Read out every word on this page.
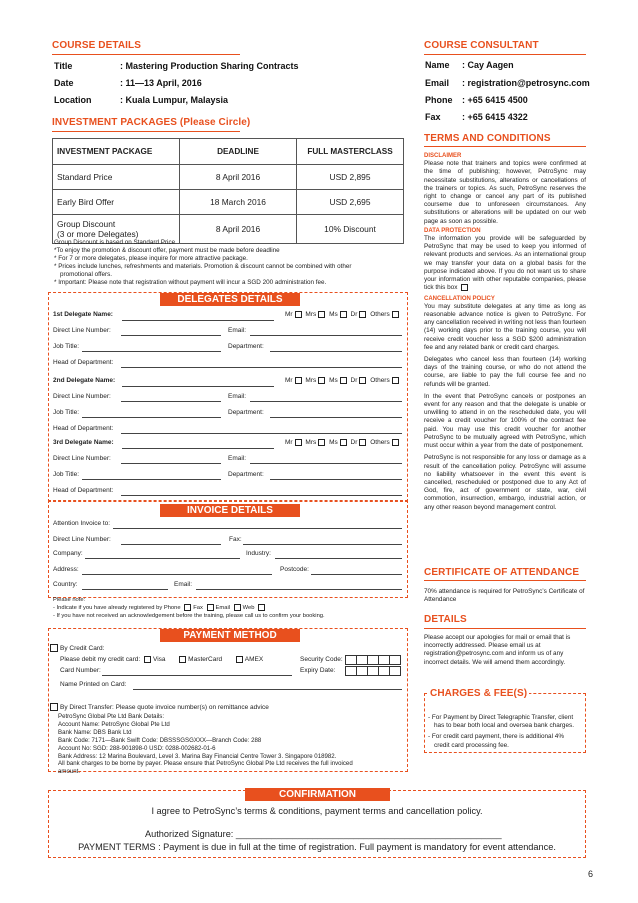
COURSE DETAILS
Title	: Mastering Production Sharing Contracts
Date	: 11—13 April, 2016
Location	: Kuala Lumpur, Malaysia
INVESTMENT PACKAGES (Please Circle)
INVESTMENT PACKAGE	DEADLINE	FULL MASTERCLASS
Standard Price	8 April 2016	USD 2,895
Early Bird Offer	18 March 2016	USD 2,695
Group Discount
(3 or more Delegates)	8 April 2016	10% Discount
Group Discount is based on Standard Price
*To enjoy the promotion & discount offer, payment must be made before deadline
* For 7 or more delegates, please inquire for more attractive package.
* Prices include lunches, refreshments and materials. Promotion & discount cannot be combined with other
promotional offers.
* Important: Please note that registration without payment will incur a SGD 200 administration fee.
DELEGATES DETAILS
1st Delegate Name:	Mr Mrs Ms Dr Others
Direct Line Number:	Email:
Job Title:	Department:
Head of Department:
2nd Delegate Name:	Mr Mrs Ms Dr Others
Direct Line Number:	Email:
Job Title:	Department:
Head of Department:
3rd Delegate Name:	Mr Mrs Ms Dr Others
Direct Line Number:	Email:
Job Title:	Department:
Head of Department:
INVOICE DETAILS
Attention Invoice to:
Direct Line Number:	Fax:
Company:	Industry:
Address:	Postcode:
Country:	Email:
Please note:
- Indicate if you have already registered by Phone Fax Email Web
- If you have not received an acknowledgement before the training, please call us to confirm your booking.
PAYMENT METHOD
By Credit Card:
Please debit my credit card: Visa	MasterCard	AMEX	Security Code:
Card Number:	Expiry Date:
Name Printed on Card:
By Direct Transfer: Please quote invoice number(s) on remittance advice
PetroSync Global Pte Ltd Bank Details:
Account Name: PetroSync Global Pte Ltd
Bank Name: DBS Bank Ltd
Bank Code: 7171—Bank Swift Code: DBSSSGSGXXX—Branch Code: 288
Account No: SGD: 288-901898-0 USD: 0288-002682-01-6
Bank Address: 12 Marina Boulevard, Level 3. Marina Bay Financial Centre Tower 3. Singapore 018982.
All bank charges to be borne by payer. Please ensure that PetroSync Global Pte Ltd receives the full invoiced
amount.
CONFIRMATION
I agree to PetroSync’s terms & conditions, payment terms and cancellation policy.
Authorized Signature: ____________________________________________________
PAYMENT TERMS : Payment is due in full at the time of registration. Full payment is mandatory for event attendance.
6
COURSE CONSULTANT
Name : Cay Aagen
Email : registration@petrosync.com
Phone : +65 6415 4500
Fax : +65 6415 4322
TERMS AND CONDITIONS
DISCLAIMER
Please note that trainers and topics were confirmed at the time of publishing; however, PetroSync may necessitate substitutions, alterations or cancellations of the trainers or topics. As such, PetroSync reserves the right to change or cancel any part of its published courseme due to unforeseen circumstances. Any substitutions or alterations will be updated on our web page as soon as possible.
DATA PROTECTION
The information you provide will be safeguarded by PetroSync that may be used to keep you informed of relevant products and services. As an international group we may transfer your data on a global basis for the purpose indicated above. If you do not want us to share your information with other reputable companies, please tick this box
CANCELLATION POLICY
You may substitute delegates at any time as long as reasonable advance notice is given to PetroSync. For any cancellation received in writing not less than fourteen (14) working days prior to the training course, you will receive credit voucher less a SGD $200 administration fee and any related bank or credit card charges.
Delegates who cancel less than fourteen (14) working days of the training course, or who do not attend the course, are liable to pay the full course fee and no refunds will be granted.
In the event that PetroSync cancels or postpones an event for any reason and that the delegate is unable or unwilling to attend in on the rescheduled date, you will receive a credit voucher for 100% of the contract fee paid. You may use this credit voucher for another PetroSync to be mutually agreed with PetroSync, which must occur within a year from the date of postponement.
PetroSync is not responsible for any loss or damage as a result of the cancellation policy. PetroSync will assume no liability whatsoever in the event this event is cancelled, rescheduled or postponed due to any Act of God, fire, act of government or state, war, civil commotion, insurrection, embargo, industrial action, or any other reason beyond management control.
CERTIFICATE OF ATTENDANCE
70% attendance is required for PetroSync’s Certificate of Attendance
DETAILS
Please accept our apologies for mail or email that is incorrectly addressed. Please email us at registration@petrosync.com and inform us of any incorrect details. We will amend them accordingly.
CHARGES & FEE(S)
- For Payment by Direct Telegraphic Transfer, client has to bear both local and oversea bank charges.
- For credit card payment, there is additional 4% credit card processing fee.
